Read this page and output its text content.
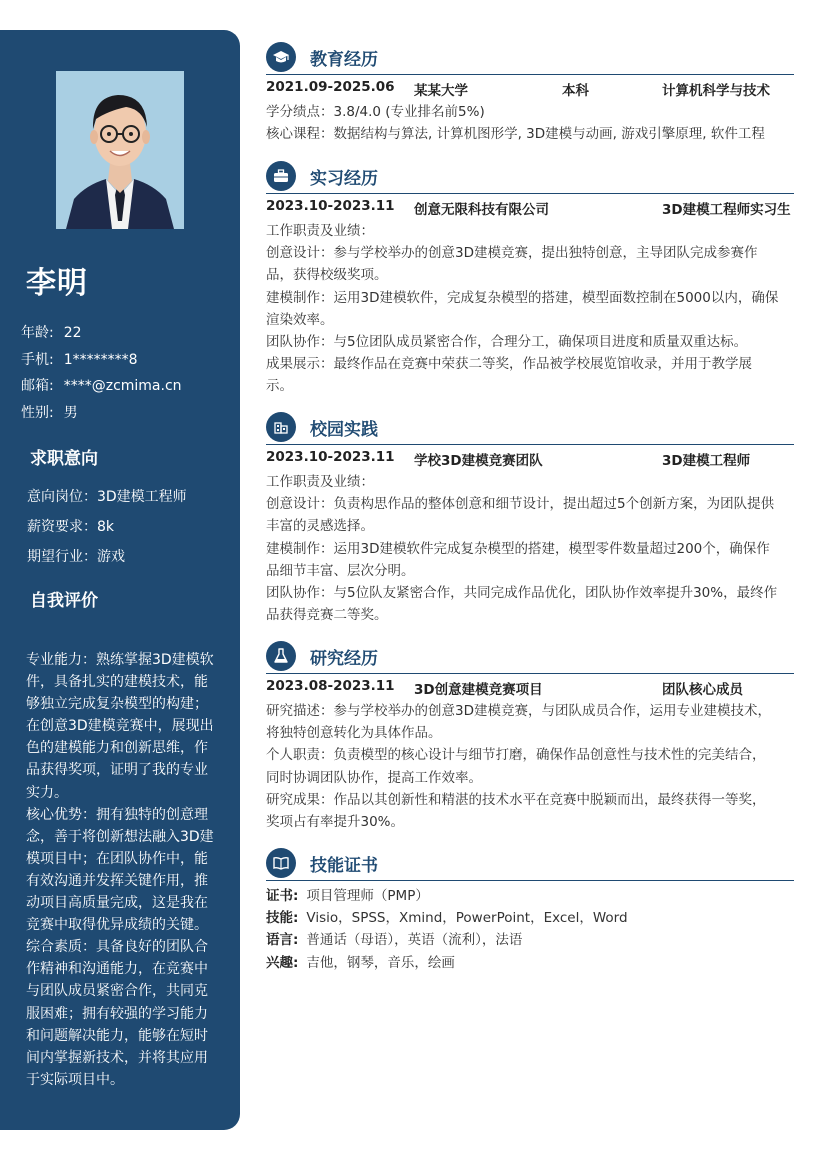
李明
年龄: 22
手机: 1********8
邮箱: ****@zcmima.cn
性别: 男
求职意向
意向岗位：3D建模工程师
薪资要求：8k
期望行业：游戏
自我评价
专业能力：熟练掌握3D建模软
件，具备扎实的建模技术，能
够独立完成复杂模型的构建；
在创意3D建模竞赛中，展现出
色的建模能力和创新思维，作
品获得奖项，证明了我的专业
实力。
核心优势：拥有独特的创意理
念，善于将创新想法融入3D建
模项目中；在团队协作中，能
有效沟通并发挥关键作用，推
动项目高质量完成，这是我在
竞赛中取得优异成绩的关键。
综合素质：具备良好的团队合
作精神和沟通能力，在竞赛中
与团队成员紧密合作，共同克
服困难；拥有较强的学习能力
和问题解决能力，能够在短时
间内掌握新技术，并将其应用
于实际项目中。
教育经历
2021.09-2025.06 某某大学	本科	计算机科学与技术
学分绩点：3.8/4.0 (专业排名前5%)
核心课程：数据结构与算法, 计算机图形学, 3D建模与动画, 游戏引擎原理, 软件工程
实习经历
2023.10-2023.11 创意无限科技有限公司	3D建模工程师实习生
工作职责及业绩：
创意设计：参与学校举办的创意3D建模竞赛，提出独特创意，主导团队完成参赛作
品，获得校级奖项。
建模制作：运用3D建模软件，完成复杂模型的搭建，模型面数控制在5000以内，确保
渲染效率。
团队协作：与5位团队成员紧密合作，合理分工，确保项目进度和质量双重达标。
成果展示：最终作品在竞赛中荣获二等奖，作品被学校展览馆收录，并用于教学展
示。
校园实践
2023.10-2023.11 学校3D建模竞赛团队	3D建模工程师
工作职责及业绩：
创意设计：负责构思作品的整体创意和细节设计，提出超过5个创新方案，为团队提供
丰富的灵感选择。
建模制作：运用3D建模软件完成复杂模型的搭建，模型零件数量超过200个，确保作
品细节丰富、层次分明。
团队协作：与5位队友紧密合作，共同完成作品优化，团队协作效率提升30%，最终作
品获得竞赛二等奖。
研究经历
2023.08-2023.11 3D创意建模竞赛项目	团队核心成员
研究描述：参与学校举办的创意3D建模竞赛，与团队成员合作，运用专业建模技术，
将独特创意转化为具体作品。
个人职责：负责模型的核心设计与细节打磨，确保作品创意性与技术性的完美结合，
同时协调团队协作，提高工作效率。
研究成果：作品以其创新性和精湛的技术水平在竞赛中脱颖而出，最终获得一等奖，
奖项占有率提升30%。
技能证书
证书: 项目管理师（PMP）
技能: Visio，SPSS，Xmind，PowerPoint，Excel，Word
语言: 普通话（母语），英语（流利），法语
兴趣: 吉他，钢琴，音乐，绘画
